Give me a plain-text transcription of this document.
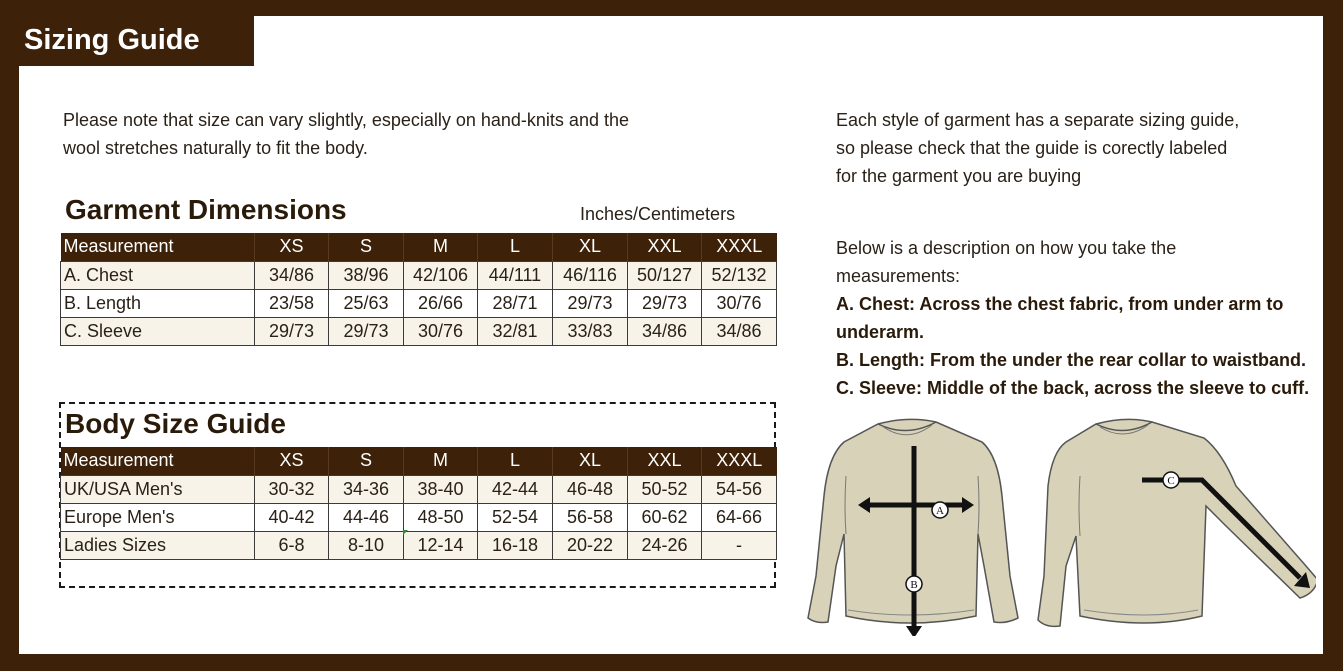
Sizing Guide
Please note that size can vary slightly, especially on hand-knits and the
wool stretches naturally to fit the body.
Garment Dimensions	Inches/Centimeters
Measurement	XS	S	M	L	XL	XXL	XXXL
A. Chest	34/86	38/96	42/106	44/111	46/116	50/127	52/132
B. Length	23/58	25/63	26/66	28/71	29/73	29/73	30/76
C. Sleeve	29/73	29/73	30/76	32/81	33/83	34/86	34/86
Body Size Guide
Measurement	XS	S	M	L	XL	XXL	XXXL
UK/USA Men's	30-32	34-36	38-40	42-44	46-48	50-52	54-56
Europe Men's	40-42	44-46	48-50	52-54	56-58	60-62	64-66
Ladies Sizes	6-8	8-10	12-14	16-18	20-22	24-26	-
Each style of garment has a separate sizing guide,
so please check that the guide is corectly labeled
for the garment you are buying
Below is a description on how you take the
measurements:
A. Chest: Across the chest fabric, from under arm to
underarm.
B. Length: From the under the rear collar to waistband.
C. Sleeve: Middle of the back, across the sleeve to cuff.
A
B
C
